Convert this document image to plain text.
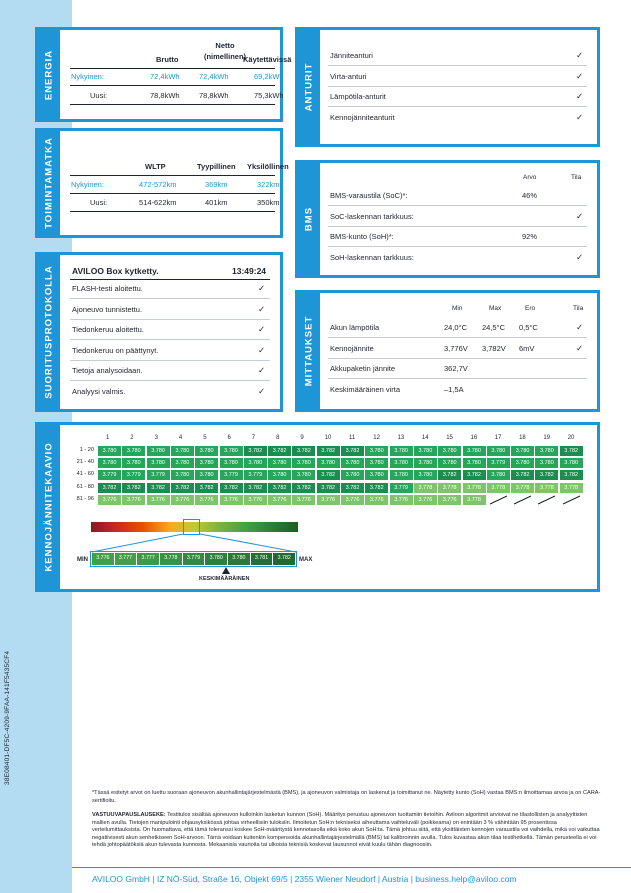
38E08401-DF5C-4209-9FAA-141F5435CF4
ENERGIA	Brutto
Netto (nimellinen)
Käytettävissä
Nykyinen:	72,4kWh	72,4kWh	69,2kWh
Uusi:	78,8kWh	78,8kWh	75,3kWh
TOIMINTAMATKA	WLTP	Tyypillinen Yksilöllinen
Nykyinen:	472-572km	369km	322km
Uusi:	514-622km	401km	350km
SUORITUSPROTOKOLLA AVILOO Box kytketty.	13:49:24
FLASH-testi aloitettu.	✓
Ajoneuvo tunnistettu.	✓
Tiedonkeruu aloitettu.	✓
Tiedonkeruu on päättynyt.	✓
Tietoja analysoidaan.	✓
Analyysi valmis.	✓
ANTURIT
Jänniteanturi	✓
Virta-anturi	✓
Lämpötila-anturit	✓
Kennojänniteanturit	✓
BMS
Arvo	Tila
BMS-varaustila (SoC)*:	46%
SoC-laskennan tarkkuus:	✓
BMS-kunto (SoH)*:	92%
SoH-laskennan tarkkuus:	✓
MITTAUKSET
Min	Max	Ero	Tila
Akun lämpötila	24,0°C 24,5°C 0,5°C	✓
Kennojännite	3,776V 3,782V 6mV	✓
Akkupaketin jännite	362,7V
Keskimääräinen virta	–1,5A
KENNOJÄNNITEKAAVIO
1	2	3	4	5	6	7	8	9	10	11	12	13	14	15	16	17	18	19	20
1 - 20	3.780	3.780	3.780	3.780	3.780	3.780	3.782	3.782	3.782	3.782	3.782	3.780	3.780	3.780	3.780	3.780	3.780	3.780	3.780	3.782
21 - 40	3.780	3.780	3.780	3.780	3.780	3.780	3.780	3.780	3.780	3.780	3.780	3.780	3.780	3.780	3.780	3.780	3.779	3.780	3.780	3.780
41 - 60	3.779	3.779	3.779	3.780	3.780	3.779	3.779	3.780	3.780	3.782	3.780	3.780	3.780	3.780	3.782	3.782	3.780	3.782	3.782	3.782
61 - 80	3.782	3.782	3.782	3.782	3.782	3.782	3.782	3.782	3.782	3.782	3.782	3.782	3.779	3.778	3.778	3.778	3.778	3.778	3.778	3.778
81 - 96	3.776	3.776	3.776	3.776	3.776	3.776	3.776	3.776	3.776	3.776	3.776	3.776	3.776	3.776	3.776	3.778
MIN	MAX
3.776	3.777	3.777	3.778	3.779	3.780	3.780	3.781	3.782
KESKIMÄÄRÄINEN
*Tässä esitetyt arvot on luettu suoraan ajoneuvon akunhallintajärjestelmästä (BMS), ja ajoneuvon valmistaja on laskenut ja toimittanut ne. Näytetty kunto (SoH) vastaa BMS:n ilmoittamaa arvoa ja on CARA-sertifioitu.
VASTUUVAPAUSLAUSEKE: Testitulos sisältää ajoneuvon kulloinkin lasketun kunnon (SoH). Määritys perustuu ajoneuvon tuottamiin tietoihin. Aviloon algoritmit arvioivat ne tilastollisten ja analyyttisten mallien avulla. Tietojen manipulointi ohjausyksikössä johtaa virheellisiin tuloksiin. Ilmoitetun SoH:n tekniseksi aiheuttama vaihteluväli (poikkeama) on enintään 3 % vähintään 95 prosentissa verteilumittauksista. On huomattava, että tämä toleranssi koskee SoH-määritystä kennotasolla eikä koko akun SoH:ta. Tämä johtuu siitä, että yksittäisten kennojen varaustila voi vaihdella, mikä voi vaikuttaa negatiivisesti akun senhetkiseen SoH-arvoon. Tämä voidaan kuitenkin kompensoida akunhallintajärjestelmällä (BMS) tai kalibroinnin avulla. Tulos kuvastaa akun tilaa testihetkellä. Tämän perusteella ei voi tehdä johtopäätöksiä akun tulevasta kunnosta. Mekaanisia vaurioita tai ulkoisia teknisiä koskevat lausunnot eivät kuulu tähän diagnoosiin.
AVILOO GmbH | IZ NÖ-Süd, Straße 16, Objekt 69/5 | 2355 Wiener Neudorf | Austria | business.help@aviloo.com
